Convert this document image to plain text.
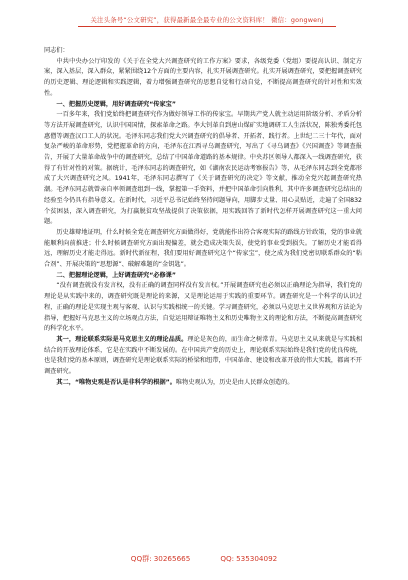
关注头条号“公文研究”，获得最新最全最专业的公文资料库！ 微信：gongwenj

同志们：

中共中央办公厅印发的《关于在全党大兴调查研究的工作方案》要求，各级党委（党组）要提高认识、制定方案，深入基层，深入群众，紧紧围绕12个方面的主要内容，扎实开展调查研究。扎实开展调查研究，要把握调查研究的历史逻辑、理论逻辑和实践逻辑，着力增强调查研究的思想自觉和行动自觉，不断提高调查研究的针对性和实效性。

一、把握历史逻辑，用好调查研究“传家宝”

一百多年来，我们党始终把调查研究作为做好领导工作的传家宝。早期共产党人就主动运用阶级分析、矛盾分析等方法开展调查研究，认识中国国情，探索革命之路。李大钊革自到唐山煤矿实地调研工人生活状况，陈独秀委托包惠僧等调查汉口工人的状况。毛泽东同志我们党大兴调查研究的倡导者、开拓者、践行者。上世纪二三十年代，面对复杂严峻的革命形势，党把握革命的方向，毛泽东在江西寻乌调查研究，写出了《寻乌调查》《兴国调查》等调查报告，开展了大量革命战争中的调查研究，总结了中国革命道路的基本规律。中央苏区领导人都深入一线调查研究，获得了有针对性的对策。据统计，毛泽东同志的调查研究，如《湖南农民运动考察报告》等，从毛泽东同志到全党都形成了大兴调查研究之风。1941年，毛泽东同志撰写了《关于调查研究的决定》等文献，推动全党兴起调查研究热潮。毛泽东同志就曾亲自率领调查组到一线，掌握第一手资料，并把中国革命引向胜利，其中许多调查研究总结出的经验至今仍具有指导意义。在新时代，习近平总书记始终坚持问题导向，用脚步丈量、用心灵贴近，走遍了全国832个贫困县，深入调查研究，为打赢脱贫攻坚战提供了决策依据，用实践回答了新时代怎样开展调查研究这一重大问题。

历史雄辩地证明，什么时候全党在调查研究方面做得好，党就能作出符合客观实际的路线方针政策，党的事业就能顺利向前推进；什么时候调查研究方面出现偏差，就会造成决策失误，使党的事业受到损失。了解历史才能看得远，理解历史才能走得远。新时代新征程，我们要用好调查研究这个“传家宝”，使之成为我们党密切联系群众的“粘合剂”、开展决策的“思想源”、破解难题的“金钥匙”。

二、把握理论逻辑，上好调查研究“必修课”

“没有调查就没有发言权，没有正确的调查同样没有发言权。”开展调查研究也必须以正确理论为指导，我们党的理论是从实践中来的，调查研究既是理论的来源，又是理论运用于实践的重要环节。调查研究是一个科学的认识过程，正确的理论是实现主观与客观、认识与实践相统一的关键。学习调查研究，必须以马克思主义世界观和方法论为指导，把握好马克思主义的立场观点方法，自觉运用辩证唯物主义和历史唯物主义的理论和方法，不断提高调查研究的科学化水平。

其一，理论联系实际是马克思主义的理论品质。理论是灰色的，而生命之树常青。马克思主义从来就是与实践相结合的开放理论体系，它是在实践中不断发展的。在中国共产党的历史上，理论联系实际始终是我们党的优良传统，也是我们党的基本原则，调查研究是理论联系实际的桥梁和纽带，中国革命、建设和改革开放的伟大实践，都离不开调查研究。

其二，“唯物史观是否认是非科学的根据”。唯物史观认为，历史是由人民群众创造的。

QQ群: 30265665	QQ: 535304092
